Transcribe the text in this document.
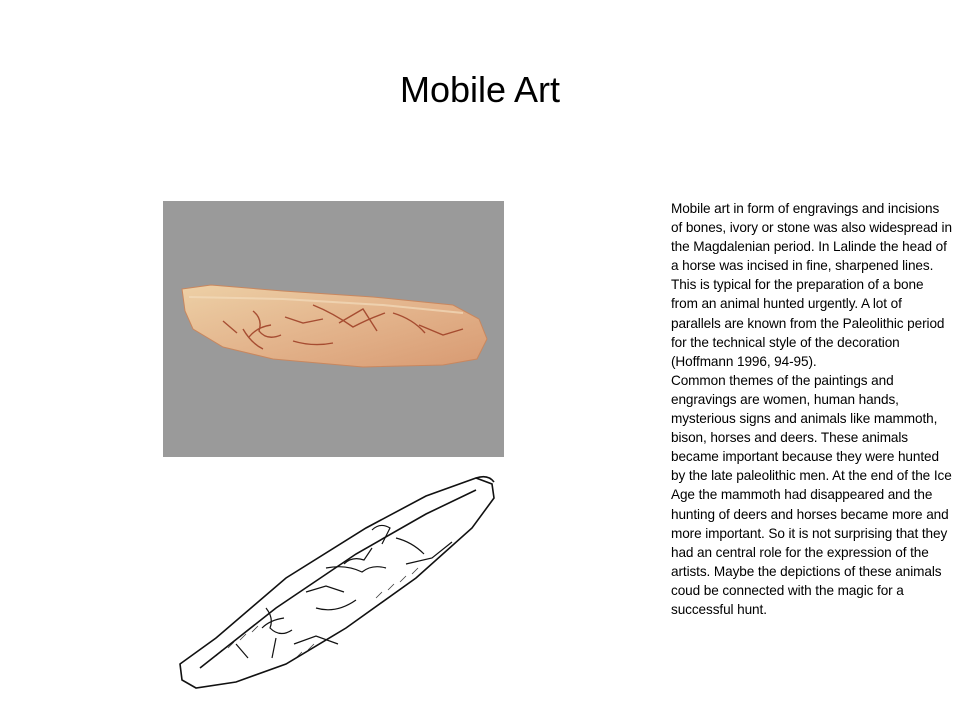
Mobile Art

Mobile art in form of engravings and incisions of bones, ivory or stone was also widespread in the Magdalenian period. In Lalinde the head of a horse was incised in fine, sharpened lines. This is typical for the preparation of a bone from an animal hunted urgently. A lot of parallels are known from the Paleolithic period for the technical style of the decoration (Hoffmann 1996, 94-95).

Common themes of the paintings and engravings are women, human hands, mysterious signs and animals like mammoth, bison, horses and deers. These animals became important because they were hunted by the late paleolithic men. At the end of the Ice Age the mammoth had disappeared and the hunting of deers and horses became more and more important. So it is not surprising that they had an central role for the expression of the artists. Maybe the depictions of these animals coud be connected with the magic for a successful hunt.
